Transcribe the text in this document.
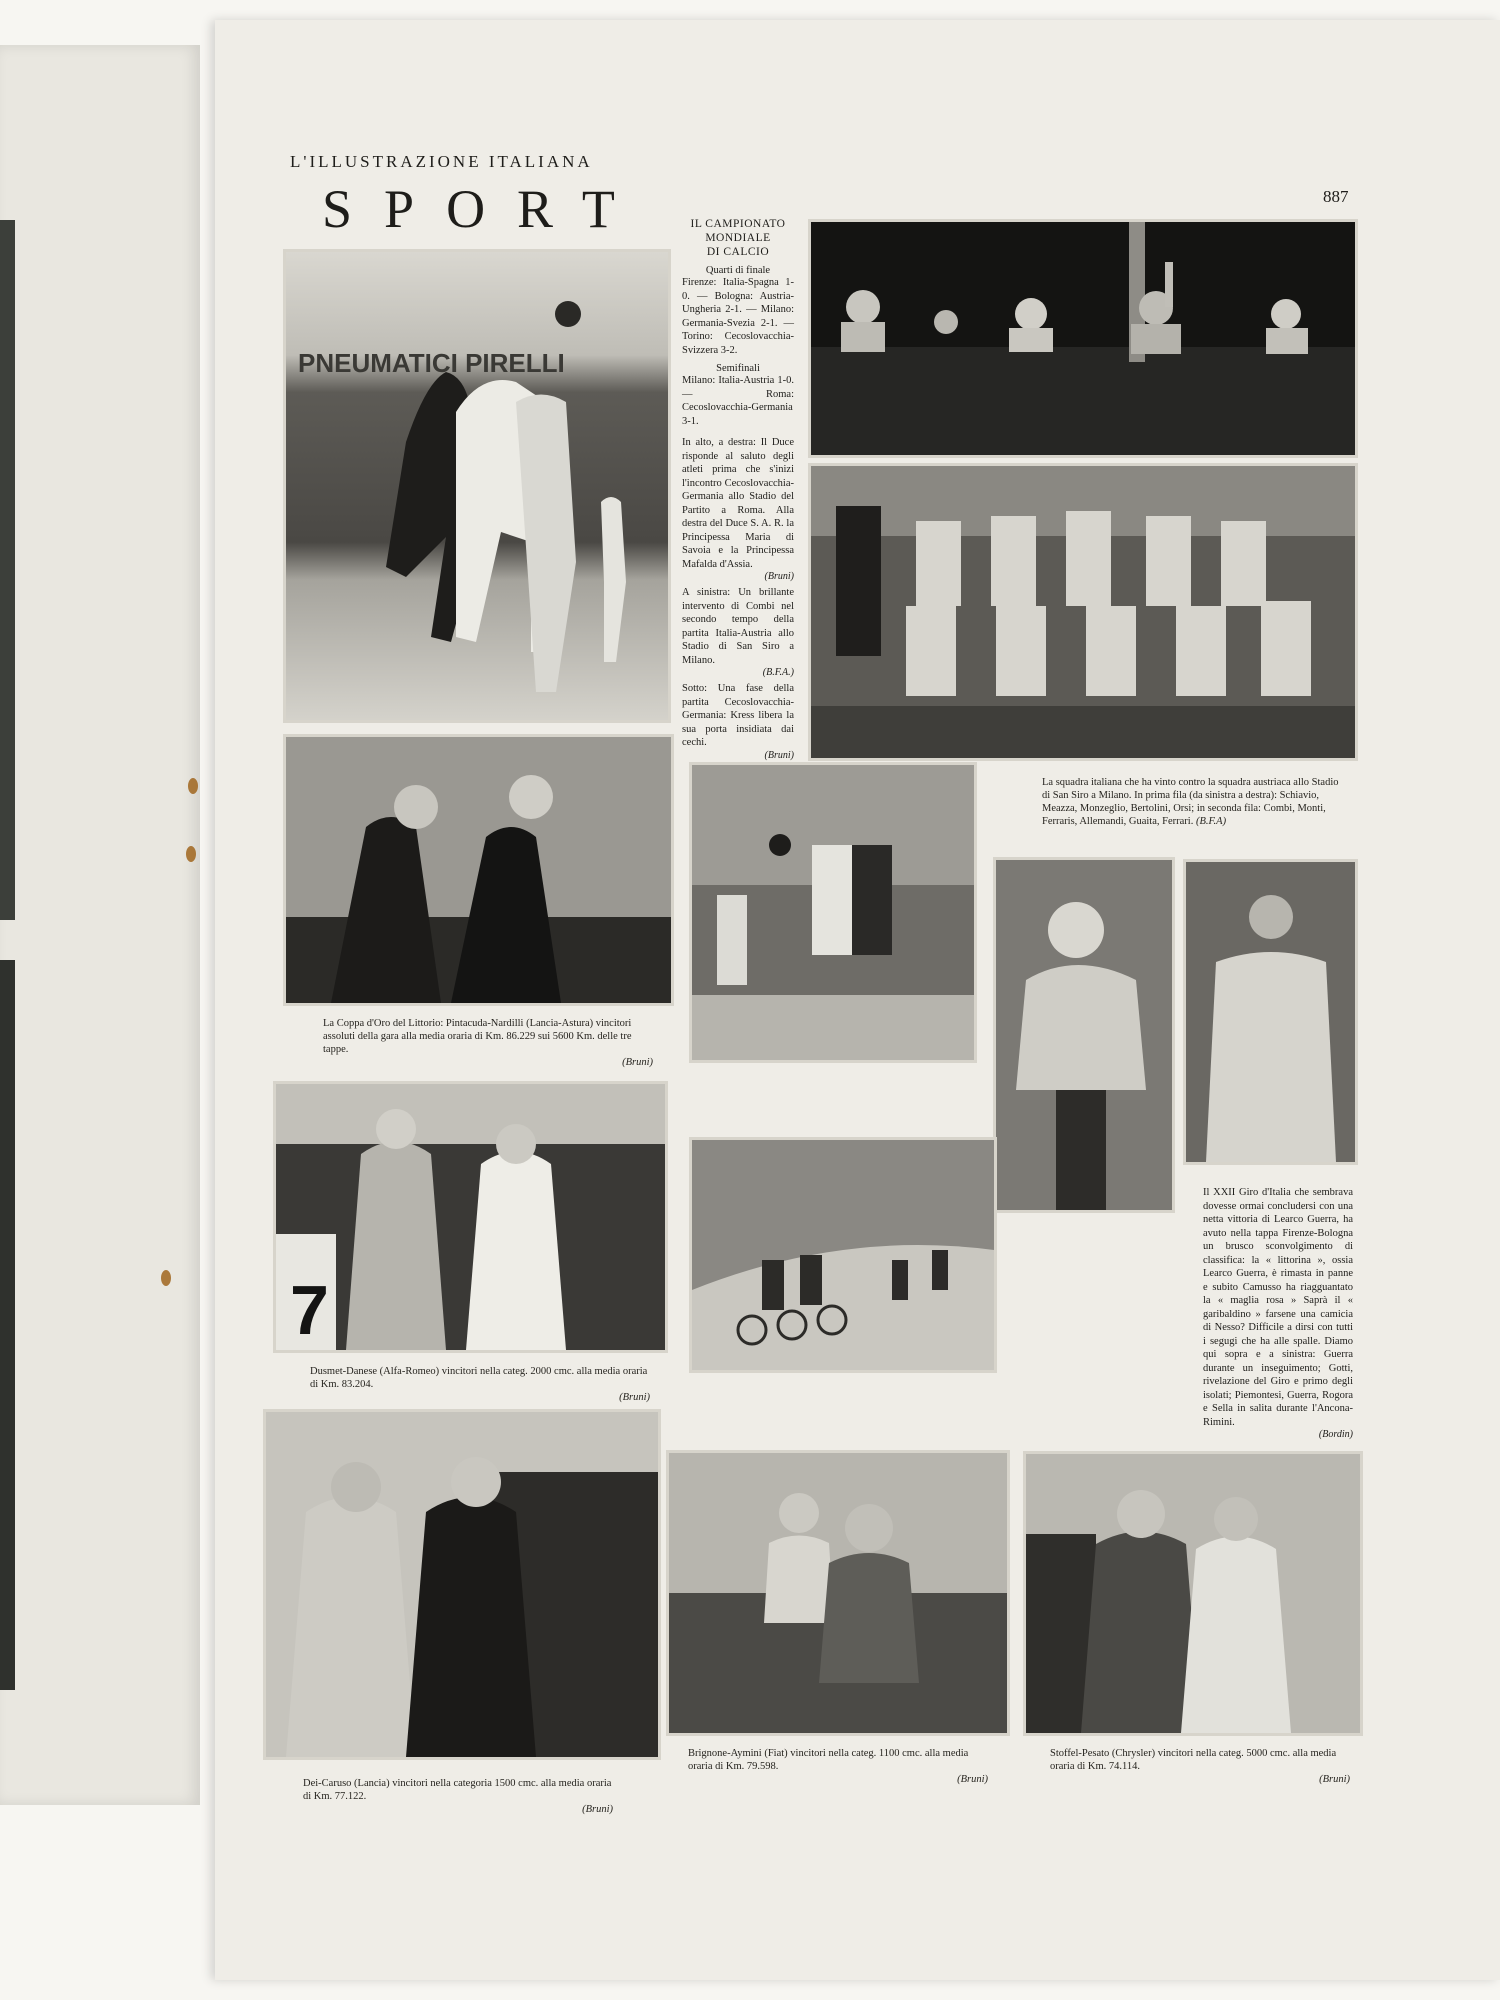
L'ILLUSTRAZIONE ITALIANA
887
SPORT
PNEUMATICI PIRELLI
IL CAMPIONATO
MONDIALE
DI CALCIO
Quarti di finale

Firenze: Italia-Spagna 1-0. — Bologna: Austria-Ungheria 2-1. — Milano: Germania-Svezia 2-1. — Torino: Cecoslovacchia-Svizzera 3-2.

Semifinali

Milano: Italia-Austria 1-0. — Roma: Cecoslovacchia-Germania 3-1.

In alto, a destra: Il Duce risponde al saluto degli atleti prima che s'inizi l'incontro Cecoslovacchia-Germania allo Stadio del Partito a Roma. Alla destra del Duce S. A. R. la Principessa Maria di Savoia e la Principessa Mafalda d'Assia.

(Bruni)

A sinistra: Un brillante intervento di Combi nel secondo tempo della partita Italia-Austria allo Stadio di San Siro a Milano.

(B.F.A.)

Sotto: Una fase della partita Cecoslovacchia-Germania: Kress libera la sua porta insidiata dai cechi.

(Bruni)
La squadra italiana che ha vinto contro la squadra austriaca allo Stadio di San Siro a Milano. In prima fila (da sinistra a destra): Schiavio, Meazza, Monzeglio, Bertolini, Orsi; in seconda fila: Combi, Monti, Ferraris, Allemandi, Guaita, Ferrari. (B.F.A)
La Coppa d'Oro del Littorio: Pintacuda-Nardilli (Lancia-Astura) vincitori assoluti della gara alla media oraria di Km. 86.229 sui 5600 Km. delle tre tappe.
(Bruni)

Il XXII Giro d'Italia che sembrava dovesse ormai concludersi con una netta vittoria di Learco Guerra, ha avuto nella tappa Firenze-Bologna un brusco sconvolgimento di classifica: la « littorina », ossia Learco Guerra, è rimasta in panne e subito Camusso ha riagguantato la « maglia rosa » Saprà il « garibaldino » farsene una camicia di Nesso? Difficile a dirsi con tutti i segugi che ha alle spalle. Diamo qui sopra e a sinistra: Guerra durante un inseguimento; Gotti, rivelazione del Giro e primo degli isolati; Piemontesi, Guerra, Rogora e Sella in salita durante l'Ancona-Rimini.

(Bordin)
7
Dusmet-Danese (Alfa-Romeo) vincitori nella categ. 2000 cmc. alla media oraria di Km. 83.204.
(Bruni)
Dei-Caruso (Lancia) vincitori nella categoria 1500 cmc. alla media oraria di Km. 77.122.
(Bruni)
Brignone-Aymini (Fiat) vincitori nella categ. 1100 cmc. alla media oraria di Km. 79.598.
(Bruni)
Stoffel-Pesato (Chrysler) vincitori nella categ. 5000 cmc. alla media oraria di Km. 74.114.
(Bruni)
